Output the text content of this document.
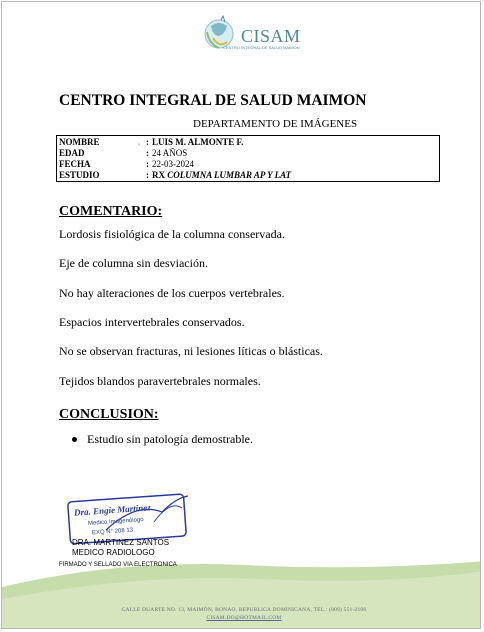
CISAM
CENTRO INTEGRAL DE SALUD MAIMON
CENTRO INTEGRAL DE SALUD MAIMON
DEPARTAMENTO DE IMÁGENES
ᵥ
NOMBRE	: LUIS M. ALMONTE F.
EDAD	: 24 AÑOS
FECHA	: 22-03-2024
ESTUDIO	: RX COLUMNA LUMBAR AP Y LAT
COMENTARIO:
Lordosis fisiológica de la columna conservada.
Eje de columna sin desviación.
No hay alteraciones de los cuerpos vertebrales.
Espacios intervertebrales conservados.
No se observan fracturas, ni lesiones líticas o blásticas.
Tejidos blandos paravertebrales normales.
CONCLUSION:
Estudio sin patología demostrable.
Dra. Engie Martinez
Medico Imagenólogo
EXQ N° 208 13
DRA. MARTINEZ SANTOS
MEDICO RADIOLOGO
FIRMADO Y SELLADO VIA ELECTRONICA
CALLE DUARTE NO. 13, MAIMÓN, BONAO, REPUBLICA DOMINICANA, TEL.: (809) 551-2106
CISAM.DO@HOTMAIL.COM
